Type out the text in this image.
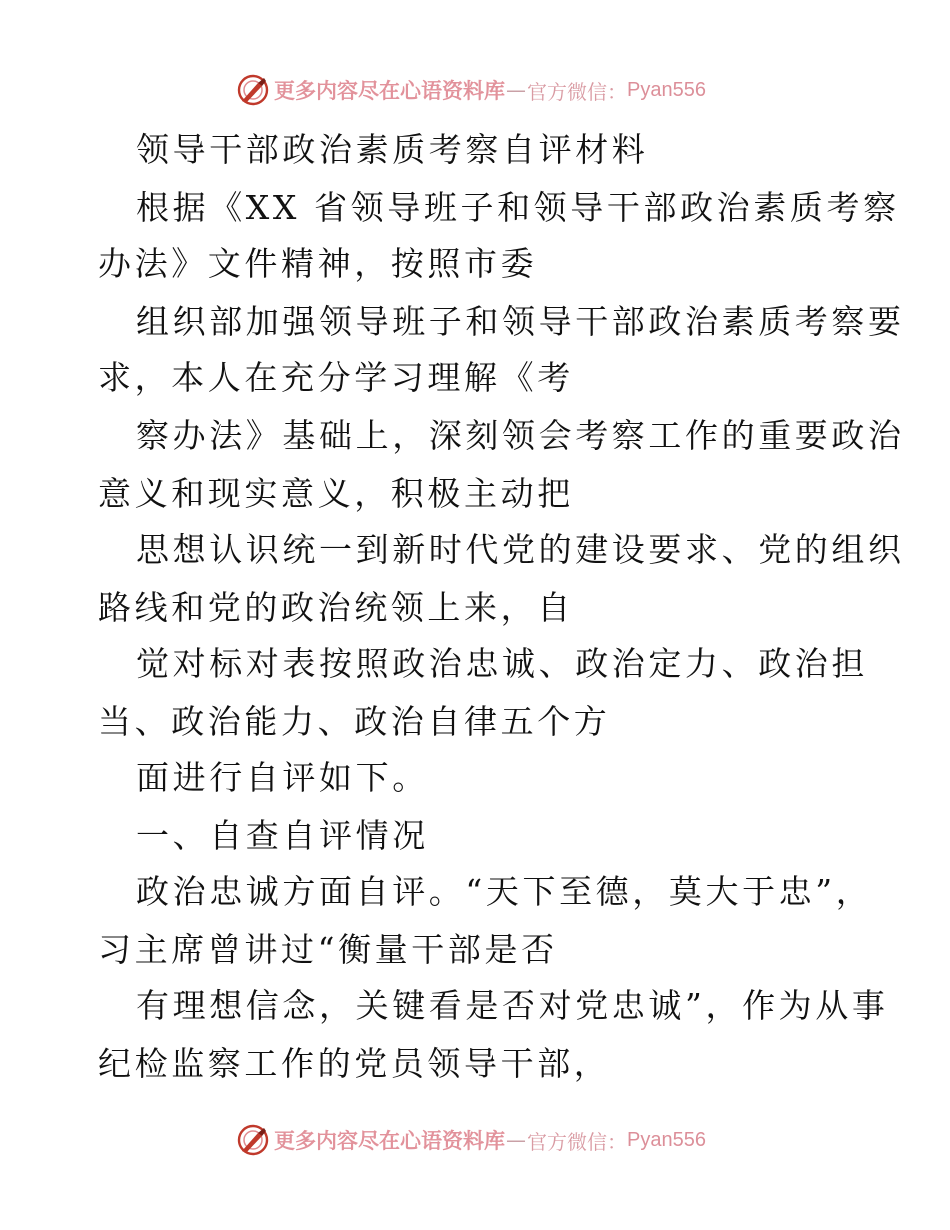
更多内容尽在心语资料库 — 官方微信： Pyan556
领导干部政治素质考察自评材料
根据《XX 省领导班子和领导干部政治素质考察
办法》文件精神，按照市委
组织部加强领导班子和领导干部政治素质考察要
求，本人在充分学习理解《考
察办法》基础上，深刻领会考察工作的重要政治
意义和现实意义，积极主动把
思想认识统一到新时代党的建设要求、党的组织
路线和党的政治统领上来，自
觉对标对表按照政治忠诚、政治定力、政治担
当、政治能力、政治自律五个方
面进行自评如下。
一、自查自评情况
政治忠诚方面自评。“天下至德，莫大于忠”，
习主席曾讲过“衡量干部是否
有理想信念，关键看是否对党忠诚”，作为从事
纪检监察工作的党员领导干部，
更多内容尽在心语资料库 — 官方微信： Pyan556
